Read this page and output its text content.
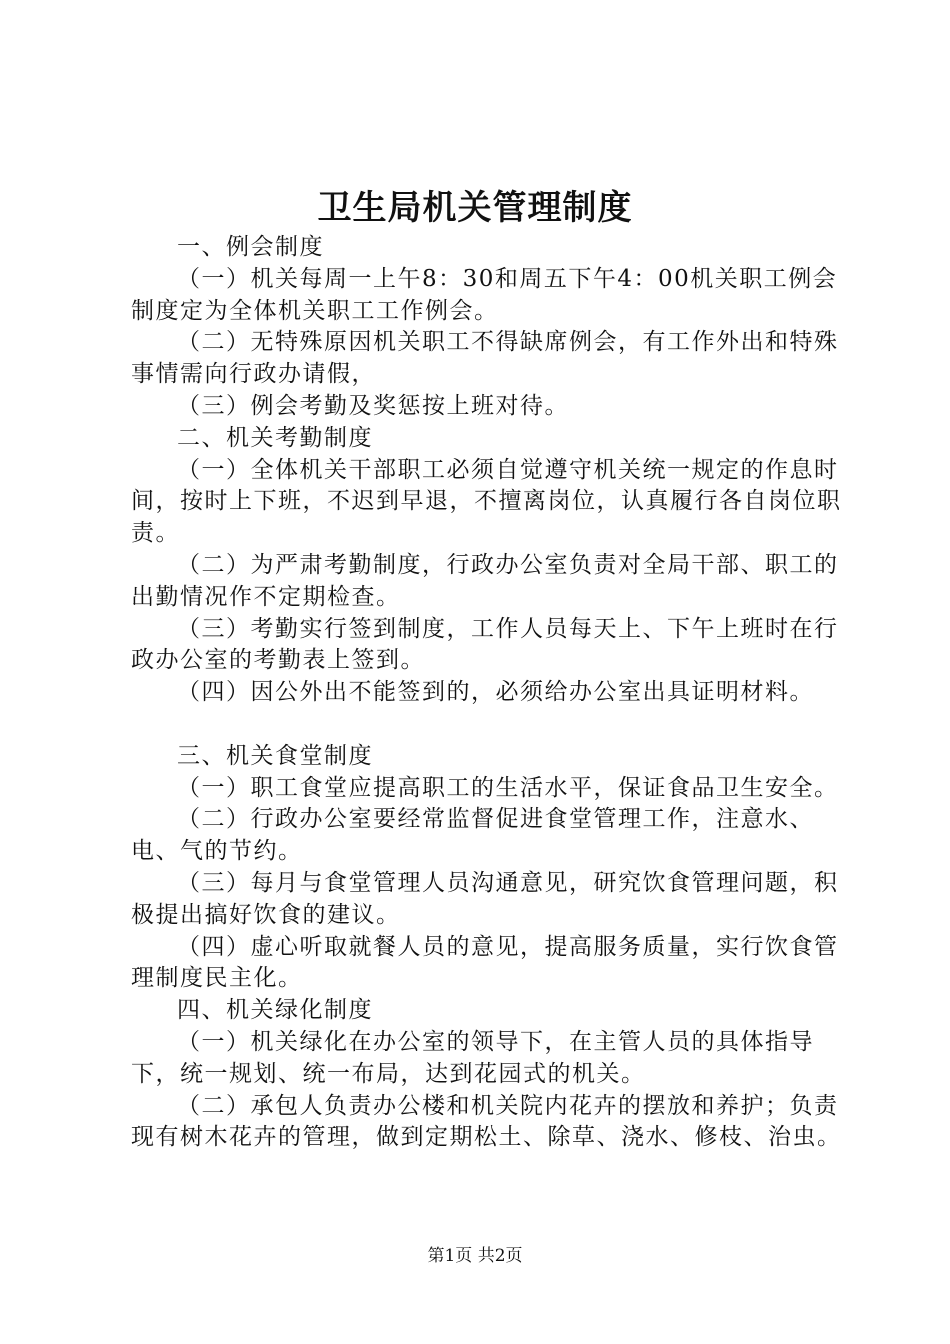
卫生局机关管理制度

一、例会制度

（一）机关每周一上午8：30和周五下午4：00机关职工例会制度定为全体机关职工工作例会。

（二）无特殊原因机关职工不得缺席例会，有工作外出和特殊事情需向行政办请假，

（三）例会考勤及奖惩按上班对待。

二、机关考勤制度

（一）全体机关干部职工必须自觉遵守机关统一规定的作息时间，按时上下班，不迟到早退，不擅离岗位，认真履行各自岗位职责。

（二）为严肃考勤制度，行政办公室负责对全局干部、职工的出勤情况作不定期检查。

（三）考勤实行签到制度，工作人员每天上、下午上班时在行政办公室的考勤表上签到。

（四）因公外出不能签到的，必须给办公室出具证明材料。

三、机关食堂制度

（一）职工食堂应提高职工的生活水平，保证食品卫生安全。

（二）行政办公室要经常监督促进食堂管理工作，注意水、电、气的节约。

（三）每月与食堂管理人员沟通意见，研究饮食管理问题，积极提出搞好饮食的建议。

（四）虚心听取就餐人员的意见，提高服务质量，实行饮食管理制度民主化。

四、机关绿化制度

（一）机关绿化在办公室的领导下，在主管人员的具体指导下，统一规划、统一布局，达到花园式的机关。

（二）承包人负责办公楼和机关院内花卉的摆放和养护；负责现有树木花卉的管理，做到定期松土、除草、浇水、修枝、治虫。

第1页 共2页
